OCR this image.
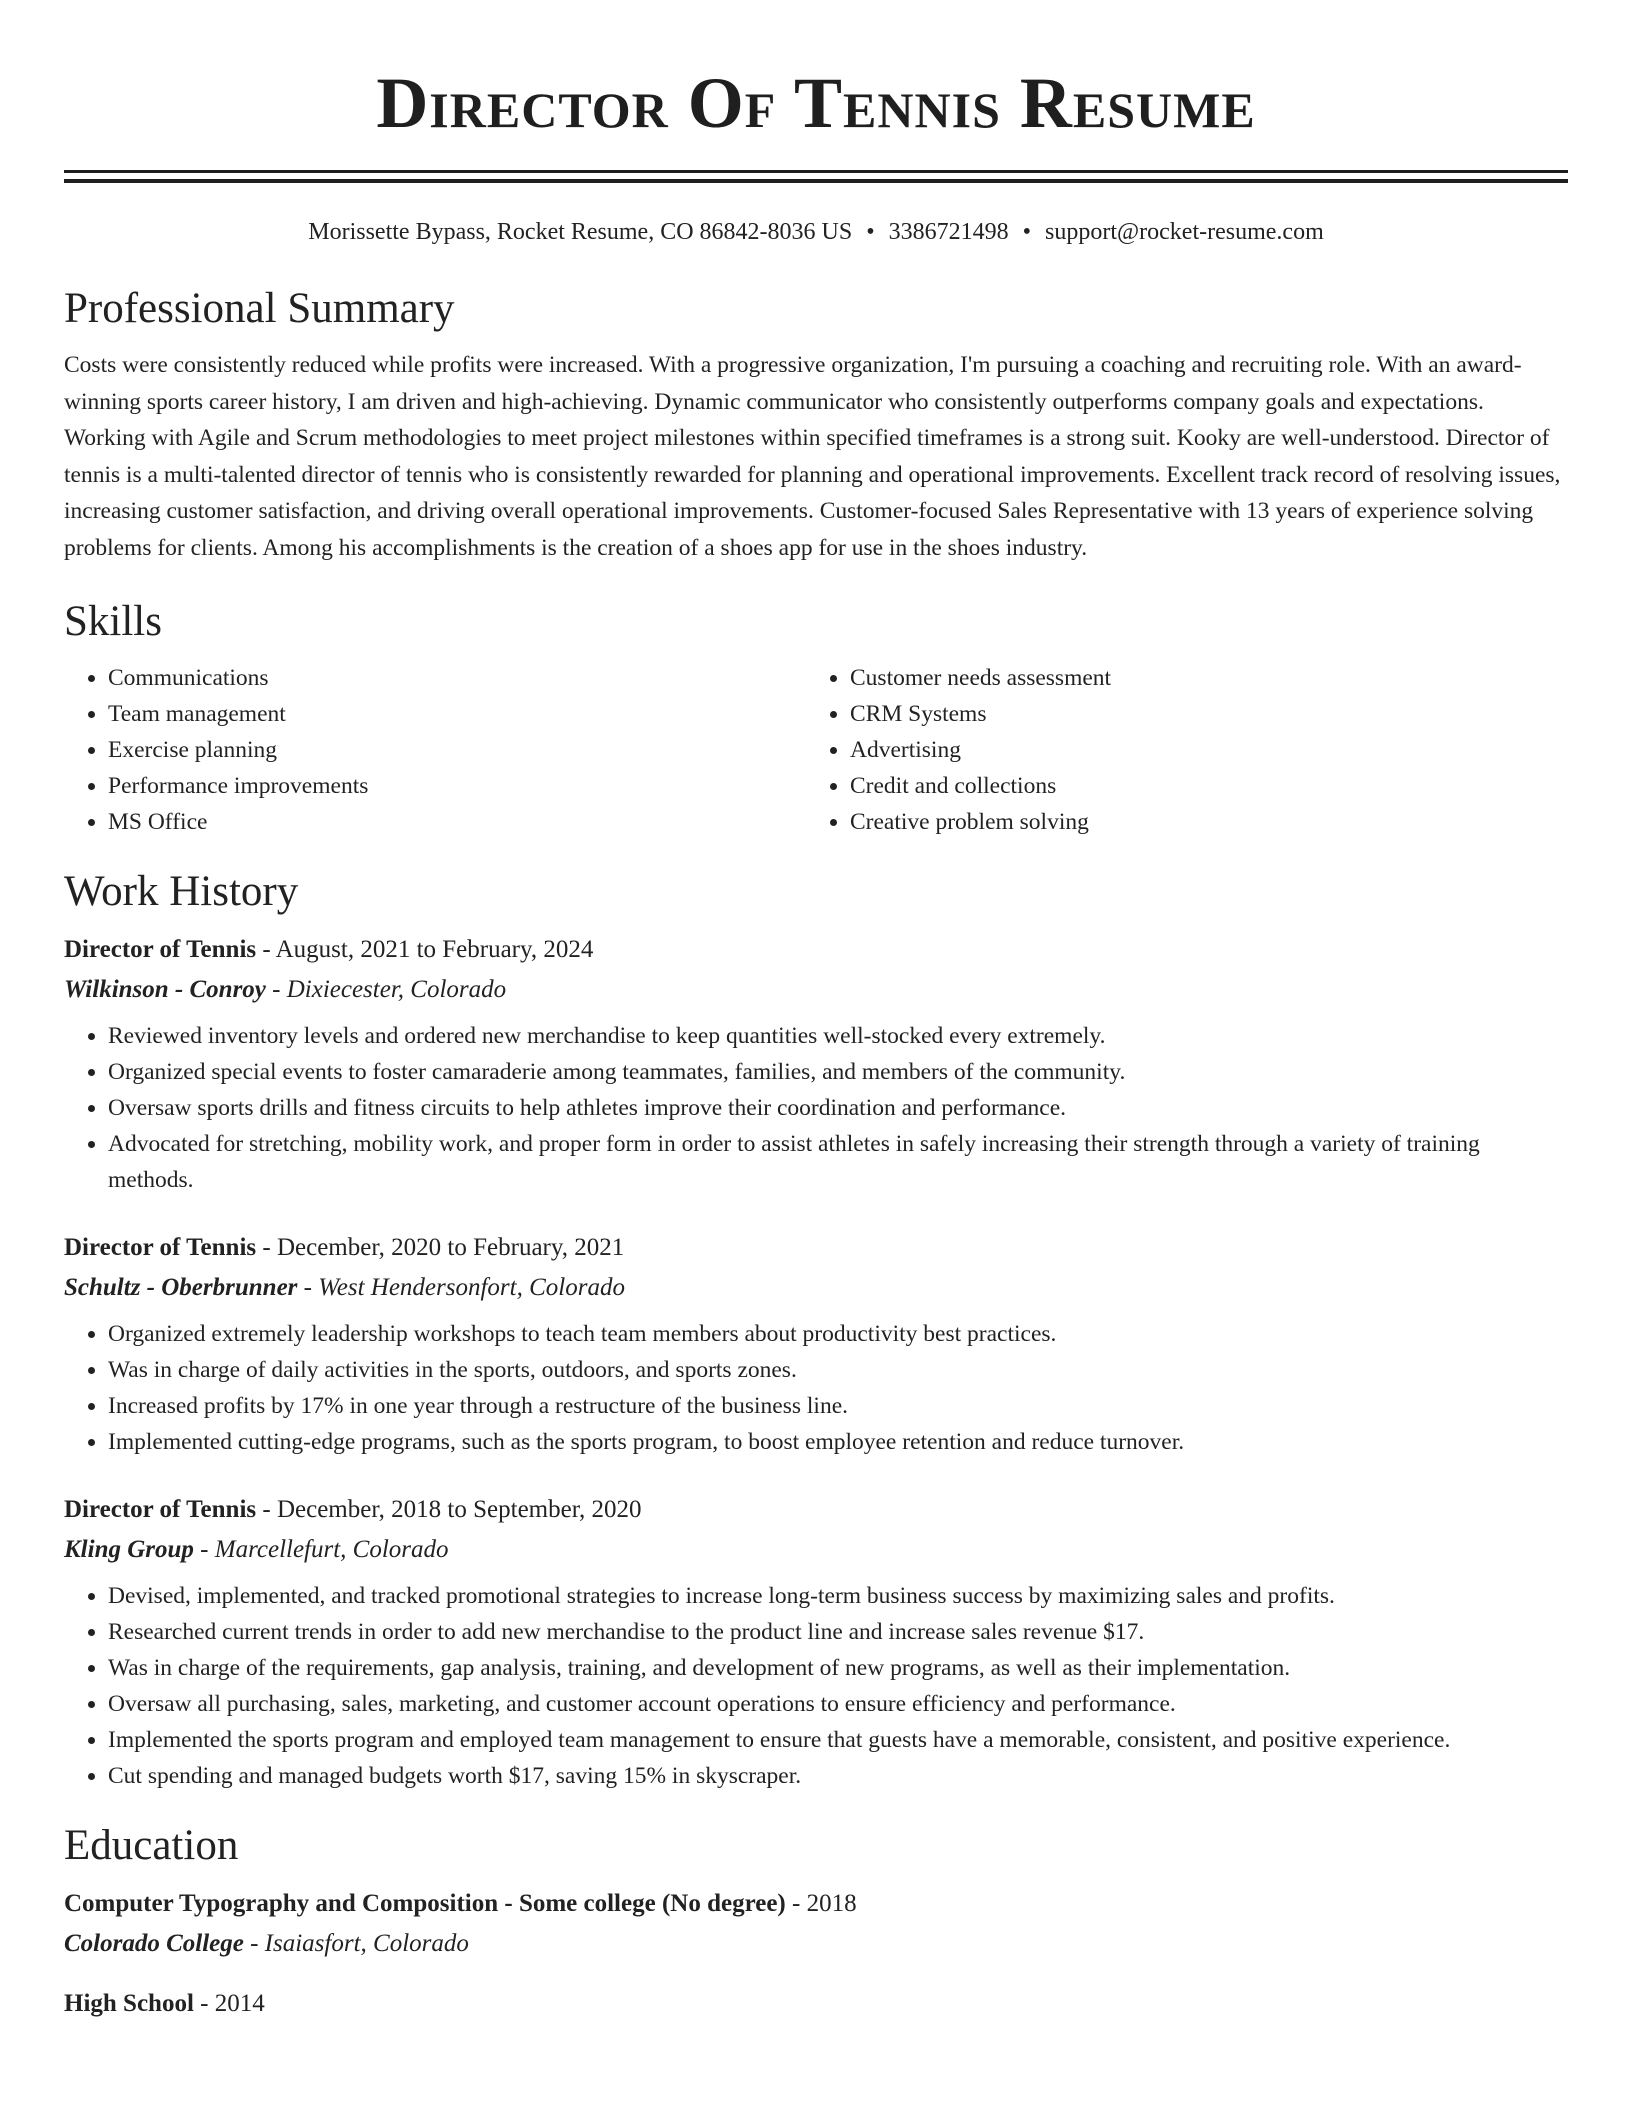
Director Of Tennis Resume
Morissette Bypass, Rocket Resume, CO 86842-8036 US • 3386721498 • support@rocket-resume.com
Professional Summary

Costs were consistently reduced while profits were increased. With a progressive organization, I'm pursuing a coaching and recruiting role. With an award-winning sports career history, I am driven and high-achieving. Dynamic communicator who consistently outperforms company goals and expectations. Working with Agile and Scrum methodologies to meet project milestones within specified timeframes is a strong suit. Kooky are well-understood. Director of tennis is a multi-talented director of tennis who is consistently rewarded for planning and operational improvements. Excellent track record of resolving issues, increasing customer satisfaction, and driving overall operational improvements. Customer-focused Sales Representative with 13 years of experience solving problems for clients. Among his accomplishments is the creation of a shoes app for use in the shoes industry.

Skills
• Communications
• Team management
• Exercise planning
• Performance improvements
• MS Office
• Customer needs assessment
• CRM Systems
• Advertising
• Credit and collections
• Creative problem solving
Work History
Director of Tennis - August, 2021 to February, 2024
Wilkinson - Conroy - Dixiecester, Colorado
• Reviewed inventory levels and ordered new merchandise to keep quantities well-stocked every extremely.
• Organized special events to foster camaraderie among teammates, families, and members of the community.
• Oversaw sports drills and fitness circuits to help athletes improve their coordination and performance.
• Advocated for stretching, mobility work, and proper form in order to assist athletes in safely increasing their strength through a variety of training methods.
Director of Tennis - December, 2020 to February, 2021
Schultz - Oberbrunner - West Hendersonfort, Colorado
• Organized extremely leadership workshops to teach team members about productivity best practices.
• Was in charge of daily activities in the sports, outdoors, and sports zones.
• Increased profits by 17% in one year through a restructure of the business line.
• Implemented cutting-edge programs, such as the sports program, to boost employee retention and reduce turnover.
Director of Tennis - December, 2018 to September, 2020
Kling Group - Marcellefurt, Colorado
• Devised, implemented, and tracked promotional strategies to increase long-term business success by maximizing sales and profits.
• Researched current trends in order to add new merchandise to the product line and increase sales revenue $17.
• Was in charge of the requirements, gap analysis, training, and development of new programs, as well as their implementation.
• Oversaw all purchasing, sales, marketing, and customer account operations to ensure efficiency and performance.
• Implemented the sports program and employed team management to ensure that guests have a memorable, consistent, and positive experience.
• Cut spending and managed budgets worth $17, saving 15% in skyscraper.
Education
Computer Typography and Composition - Some college (No degree) - 2018
Colorado College - Isaiasfort, Colorado
High School - 2014
